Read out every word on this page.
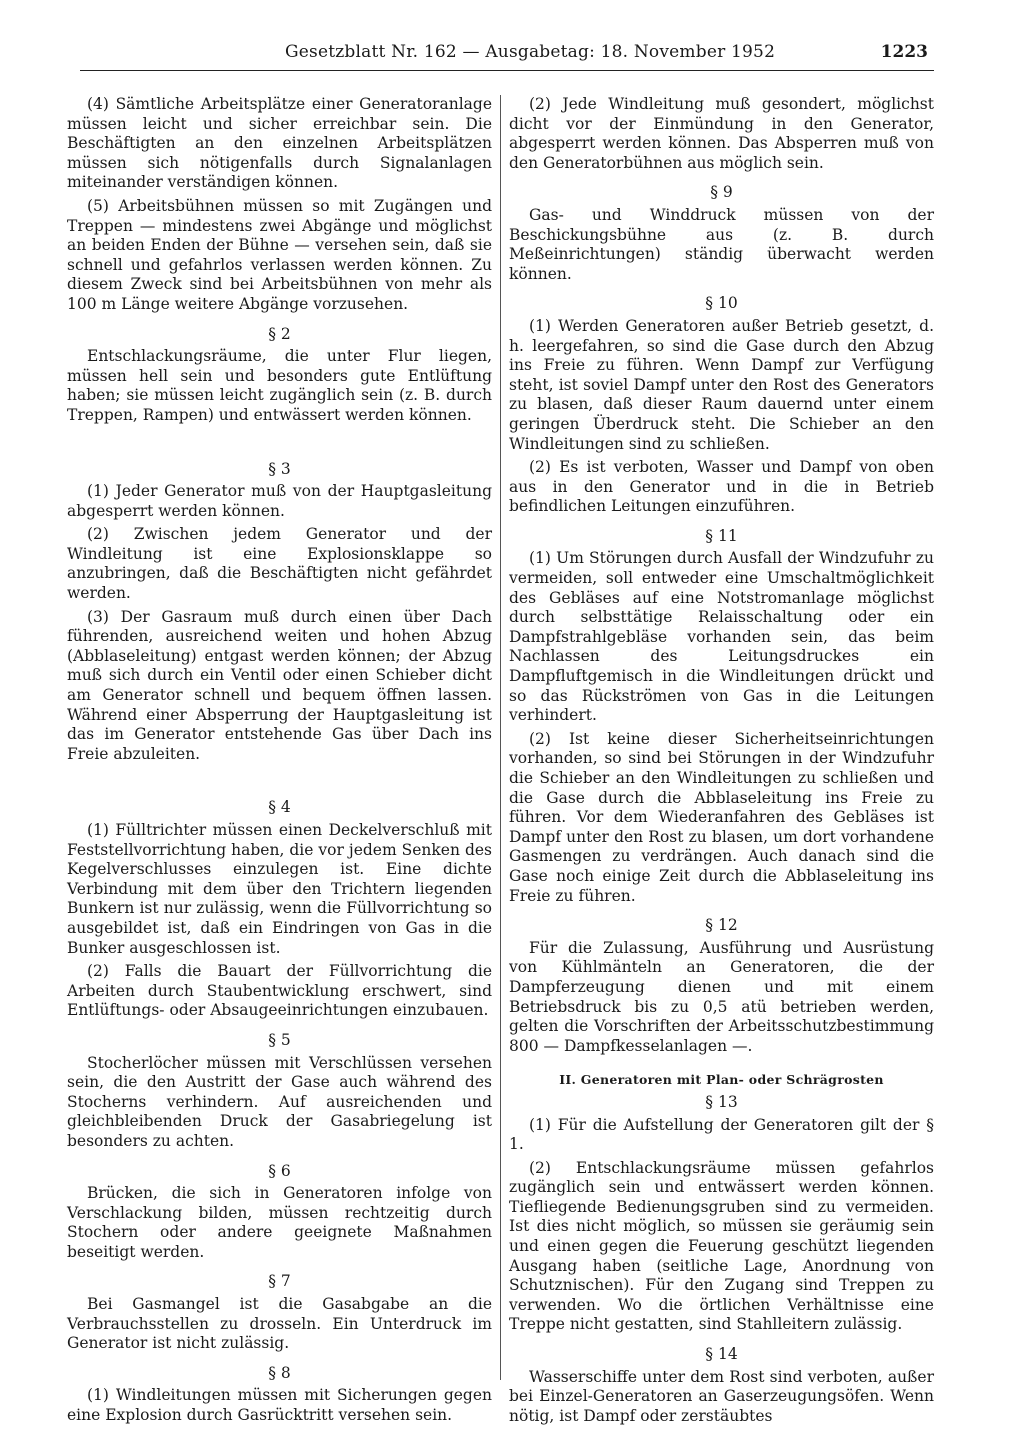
Gesetzblatt Nr. 162 — Ausgabetag: 18. November 1952	1223

(4) Sämtliche Arbeitsplätze einer Generatoranlage müssen leicht und sicher erreichbar sein. Die Beschäftigten an den einzelnen Arbeitsplätzen müssen sich nötigenfalls durch Signalanlagen miteinander verständigen können.

(5) Arbeitsbühnen müssen so mit Zugängen und Treppen — mindestens zwei Abgänge und möglichst an beiden Enden der Bühne — versehen sein, daß sie schnell und gefahrlos verlassen werden können. Zu diesem Zweck sind bei Arbeitsbühnen von mehr als 100 m Länge weitere Abgänge vorzusehen.

§ 2

Entschlackungsräume, die unter Flur liegen, müssen hell sein und besonders gute Entlüftung haben; sie müssen leicht zugänglich sein (z. B. durch Treppen, Rampen) und entwässert werden können.

§ 3

(1) Jeder Generator muß von der Hauptgasleitung abgesperrt werden können.

(2) Zwischen jedem Generator und der Windleitung ist eine Explosionsklappe so anzubringen, daß die Beschäftigten nicht gefährdet werden.

(3) Der Gasraum muß durch einen über Dach führenden, ausreichend weiten und hohen Abzug (Abblaseleitung) entgast werden können; der Abzug muß sich durch ein Ventil oder einen Schieber dicht am Generator schnell und bequem öffnen lassen. Während einer Absperrung der Hauptgasleitung ist das im Generator entstehende Gas über Dach ins Freie abzuleiten.

§ 4

(1) Fülltrichter müssen einen Deckelverschluß mit Feststellvorrichtung haben, die vor jedem Senken des Kegelverschlusses einzulegen ist. Eine dichte Verbindung mit dem über den Trichtern liegenden Bunkern ist nur zulässig, wenn die Füllvorrichtung so ausgebildet ist, daß ein Eindringen von Gas in die Bunker ausgeschlossen ist.

(2) Falls die Bauart der Füllvorrichtung die Arbeiten durch Staubentwicklung erschwert, sind Entlüftungs- oder Absaugeeinrichtungen einzubauen.

§ 5

Stocherlöcher müssen mit Verschlüssen versehen sein, die den Austritt der Gase auch während des Stocherns verhindern. Auf ausreichenden und gleichbleibenden Druck der Gasabriegelung ist besonders zu achten.

§ 6

Brücken, die sich in Generatoren infolge von Verschlackung bilden, müssen rechtzeitig durch Stochern oder andere geeignete Maßnahmen beseitigt werden.

§ 7

Bei Gasmangel ist die Gasabgabe an die Verbrauchsstellen zu drosseln. Ein Unterdruck im Generator ist nicht zulässig.

§ 8

(1) Windleitungen müssen mit Sicherungen gegen eine Explosion durch Gasrücktritt versehen sein.

(2) Jede Windleitung muß gesondert, möglichst dicht vor der Einmündung in den Generator, abgesperrt werden können. Das Absperren muß von den Generatorbühnen aus möglich sein.

§ 9

Gas- und Winddruck müssen von der Beschickungsbühne aus (z. B. durch Meßeinrichtungen) ständig überwacht werden können.

§ 10

(1) Werden Generatoren außer Betrieb gesetzt, d. h. leergefahren, so sind die Gase durch den Abzug ins Freie zu führen. Wenn Dampf zur Verfügung steht, ist soviel Dampf unter den Rost des Generators zu blasen, daß dieser Raum dauernd unter einem geringen Überdruck steht. Die Schieber an den Windleitungen sind zu schließen.

(2) Es ist verboten, Wasser und Dampf von oben aus in den Generator und in die in Betrieb befindlichen Leitungen einzuführen.

§ 11

(1) Um Störungen durch Ausfall der Windzufuhr zu vermeiden, soll entweder eine Umschaltmöglichkeit des Gebläses auf eine Notstromanlage möglichst durch selbsttätige Relaisschaltung oder ein Dampfstrahlgebläse vorhanden sein, das beim Nachlassen des Leitungsdruckes ein Dampfluftgemisch in die Windleitungen drückt und so das Rückströmen von Gas in die Leitungen verhindert.

(2) Ist keine dieser Sicherheitseinrichtungen vorhanden, so sind bei Störungen in der Windzufuhr die Schieber an den Windleitungen zu schließen und die Gase durch die Abblaseleitung ins Freie zu führen. Vor dem Wiederanfahren des Gebläses ist Dampf unter den Rost zu blasen, um dort vorhandene Gasmengen zu verdrängen. Auch danach sind die Gase noch einige Zeit durch die Abblaseleitung ins Freie zu führen.

§ 12

Für die Zulassung, Ausführung und Ausrüstung von Kühlmänteln an Generatoren, die der Dampferzeugung dienen und mit einem Betriebsdruck bis zu 0,5 atü betrieben werden, gelten die Vorschriften der Arbeitsschutzbestimmung 800 — Dampfkesselanlagen —.

II. Generatoren mit Plan- oder Schrägrosten

§ 13

(1) Für die Aufstellung der Generatoren gilt der § 1.

(2) Entschlackungsräume müssen gefahrlos zugänglich sein und entwässert werden können. Tiefliegende Bedienungsgruben sind zu vermeiden. Ist dies nicht möglich, so müssen sie geräumig sein und einen gegen die Feuerung geschützt liegenden Ausgang haben (seitliche Lage, Anordnung von Schutznischen). Für den Zugang sind Treppen zu verwenden. Wo die örtlichen Verhältnisse eine Treppe nicht gestatten, sind Stahlleitern zulässig.

§ 14

Wasserschiffe unter dem Rost sind verboten, außer bei Einzel-Generatoren an Gaserzeugungsöfen. Wenn nötig, ist Dampf oder zerstäubtes
